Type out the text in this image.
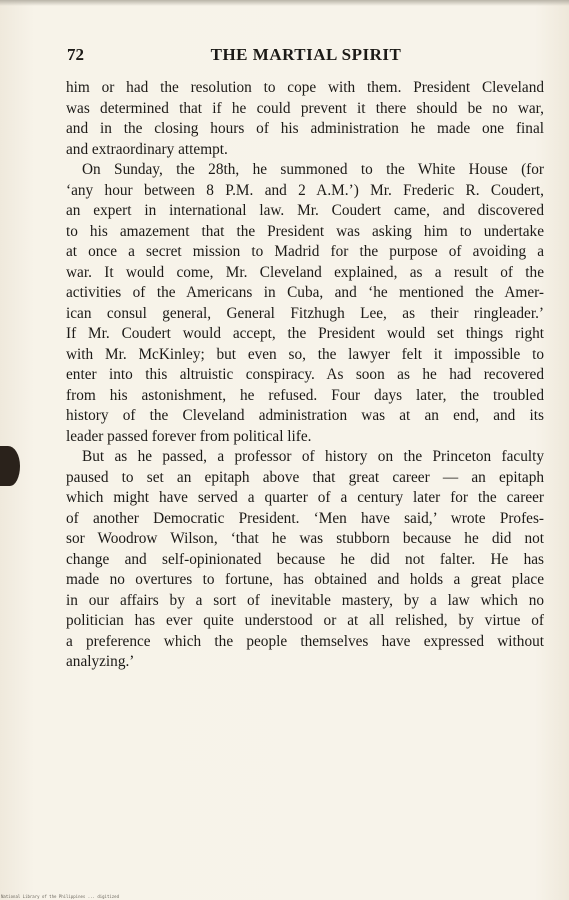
72	THE MARTIAL SPIRIT
him or had the resolution to cope with them. President Cleveland
was determined that if he could prevent it there should be no war,
and in the closing hours of his administration he made one final
and extraordinary attempt.
On Sunday, the 28th, he summoned to the White House (for
‘any hour between 8 P.M. and 2 A.M.’) Mr. Frederic R. Coudert,
an expert in international law. Mr. Coudert came, and discovered
to his amazement that the President was asking him to undertake
at once a secret mission to Madrid for the purpose of avoiding a
war. It would come, Mr. Cleveland explained, as a result of the
activities of the Americans in Cuba, and ‘he mentioned the Amer-
ican consul general, General Fitzhugh Lee, as their ringleader.’
If Mr. Coudert would accept, the President would set things right
with Mr. McKinley; but even so, the lawyer felt it impossible to
enter into this altruistic conspiracy. As soon as he had recovered
from his astonishment, he refused. Four days later, the troubled
history of the Cleveland administration was at an end, and its
leader passed forever from political life.
But as he passed, a professor of history on the Princeton faculty
paused to set an epitaph above that great career — an epitaph
which might have served a quarter of a century later for the career
of another Democratic President. ‘Men have said,’ wrote Profes-
sor Woodrow Wilson, ‘that he was stubborn because he did not
change and self-opinionated because he did not falter. He has
made no overtures to fortune, has obtained and holds a great place
in our affairs by a sort of inevitable mastery, by a law which no
politician has ever quite understood or at all relished, by virtue of
a preference which the people themselves have expressed without
analyzing.’
National Library of the Philippines ... digitized
